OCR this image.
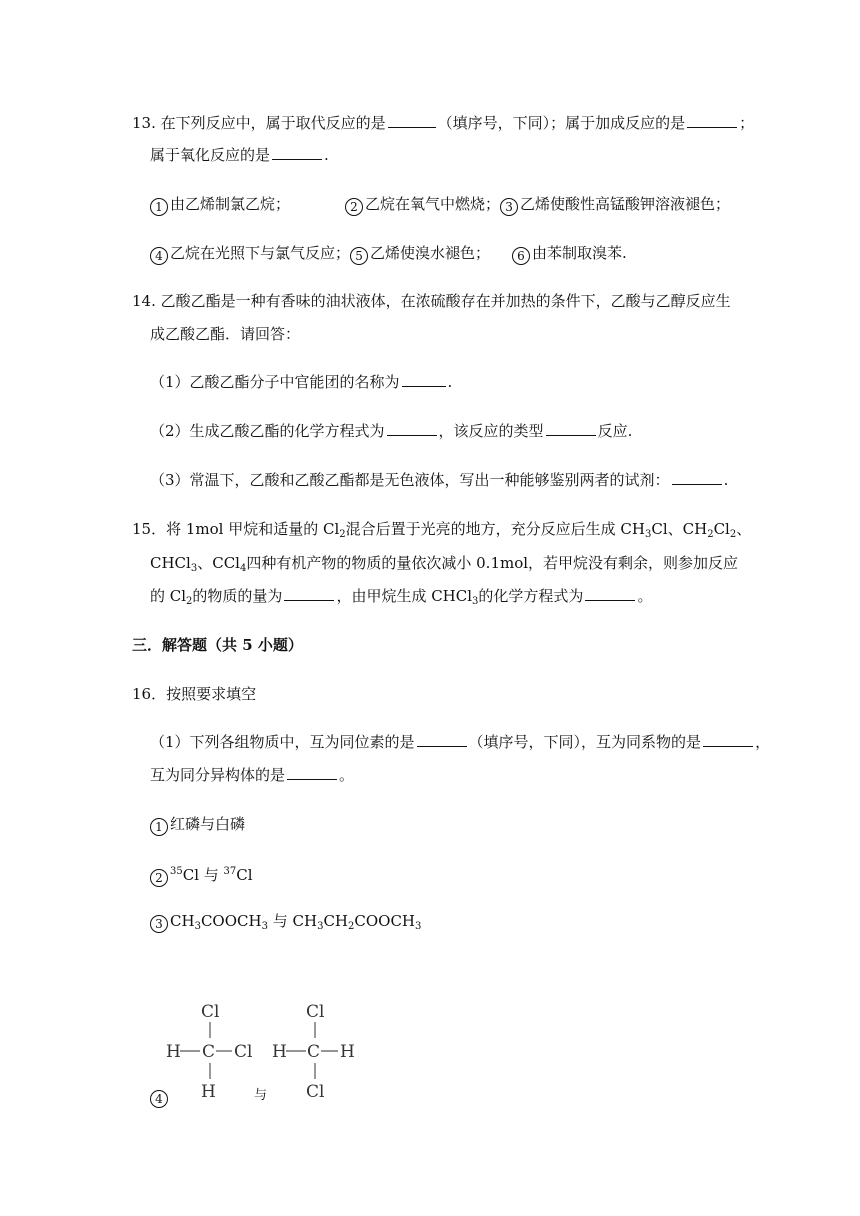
13. 在下列反应中，属于取代反应的是	（填序号，下同）；属于加成反应的是	；
属于氧化反应的是	.
1 由乙烯制氯乙烷；	2 乙烷在氧气中燃烧； 3 乙烯使酸性高锰酸钾溶液褪色；
4 乙烷在光照下与氯气反应； 5 乙烯使溴水褪色；	6 由苯制取溴苯.
14. 乙酸乙酯是一种有香味的油状液体，在浓硫酸存在并加热的条件下，乙酸与乙醇反应生
成乙酸乙酯．请回答：
（1）乙酸乙酯分子中官能团的名称为	.
（2）生成乙酸乙酯的化学方程式为	，该反应的类型	反应.
（3）常温下，乙酸和乙酸乙酯都是无色液体，写出一种能够鉴别两者的试剂：	.
15．将 1mol 甲烷和适量的 $Cl_2$混合后置于光亮的地方，充分反应后生成 $CH_3Cl$、$CH_2Cl_2$、
CHCl$_3$、CCl$_4$四种有机产物的物质的量依次减小 0.1mol，若甲烷没有剩余，则参加反应
的 $Cl_2$的物质的量为	，由甲烷生成 CHCl$_3$的化学方程式为	。
三．解答题（共 5 小题）
16．按照要求填空
（1）下列各组物质中，互为同位素的是	（填序号，下同），互为同系物的是	，
互为同分异构体的是	。
1 红磷与白磷
2 $^{35}$Cl 与 $^{37}$Cl
3 $CH_3COOCH_3$ 与 $CH_3CH_2COOCH_3$
4	与
Cl
H C Cl
H
Cl
H C H
Cl
